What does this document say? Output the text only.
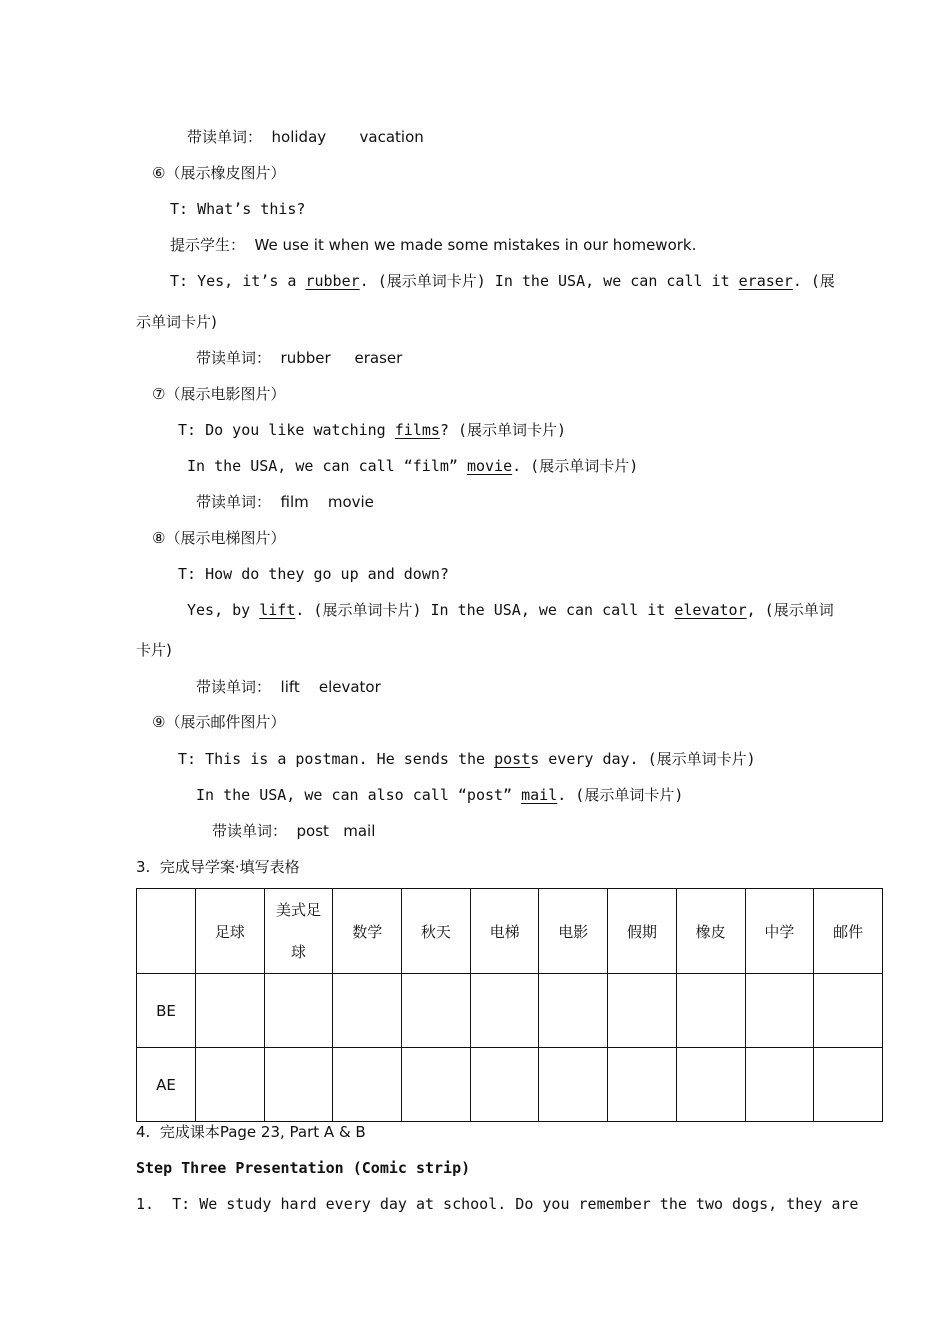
带读单词：  holiday       vacation
⑥（展示橡皮图片）
T: What’s this?
提示学生：  We use it when we made some mistakes in our homework.
T: Yes, it’s a rubber. (展示单词卡片) In the USA, we can call it eraser. (展
示单词卡片)
带读单词：  rubber     eraser
⑦（展示电影图片）
T: Do you like watching films? (展示单词卡片)
In the USA, we can call “film” movie. (展示单词卡片)
带读单词：  film    movie
⑧（展示电梯图片）
T: How do they go up and down?
Yes, by lift. (展示单词卡片) In the USA, we can call it elevator, (展示单词
卡片)
带读单词：  lift    elevator
⑨（展示邮件图片）
T: This is a postman. He sends the posts every day. (展示单词卡片)
In the USA, we can also call “post” mail. (展示单词卡片)
带读单词：  post   mail
3.  完成导学案·填写表格
	足球	美式足球	数学	秋天	电梯	电影	假期	橡皮	中学	邮件
BE										
AE										
4.  完成课本Page 23, Part A & B
Step Three Presentation (Comic strip)
1.  T: We study hard every day at school. Do you remember the two dogs, they are
